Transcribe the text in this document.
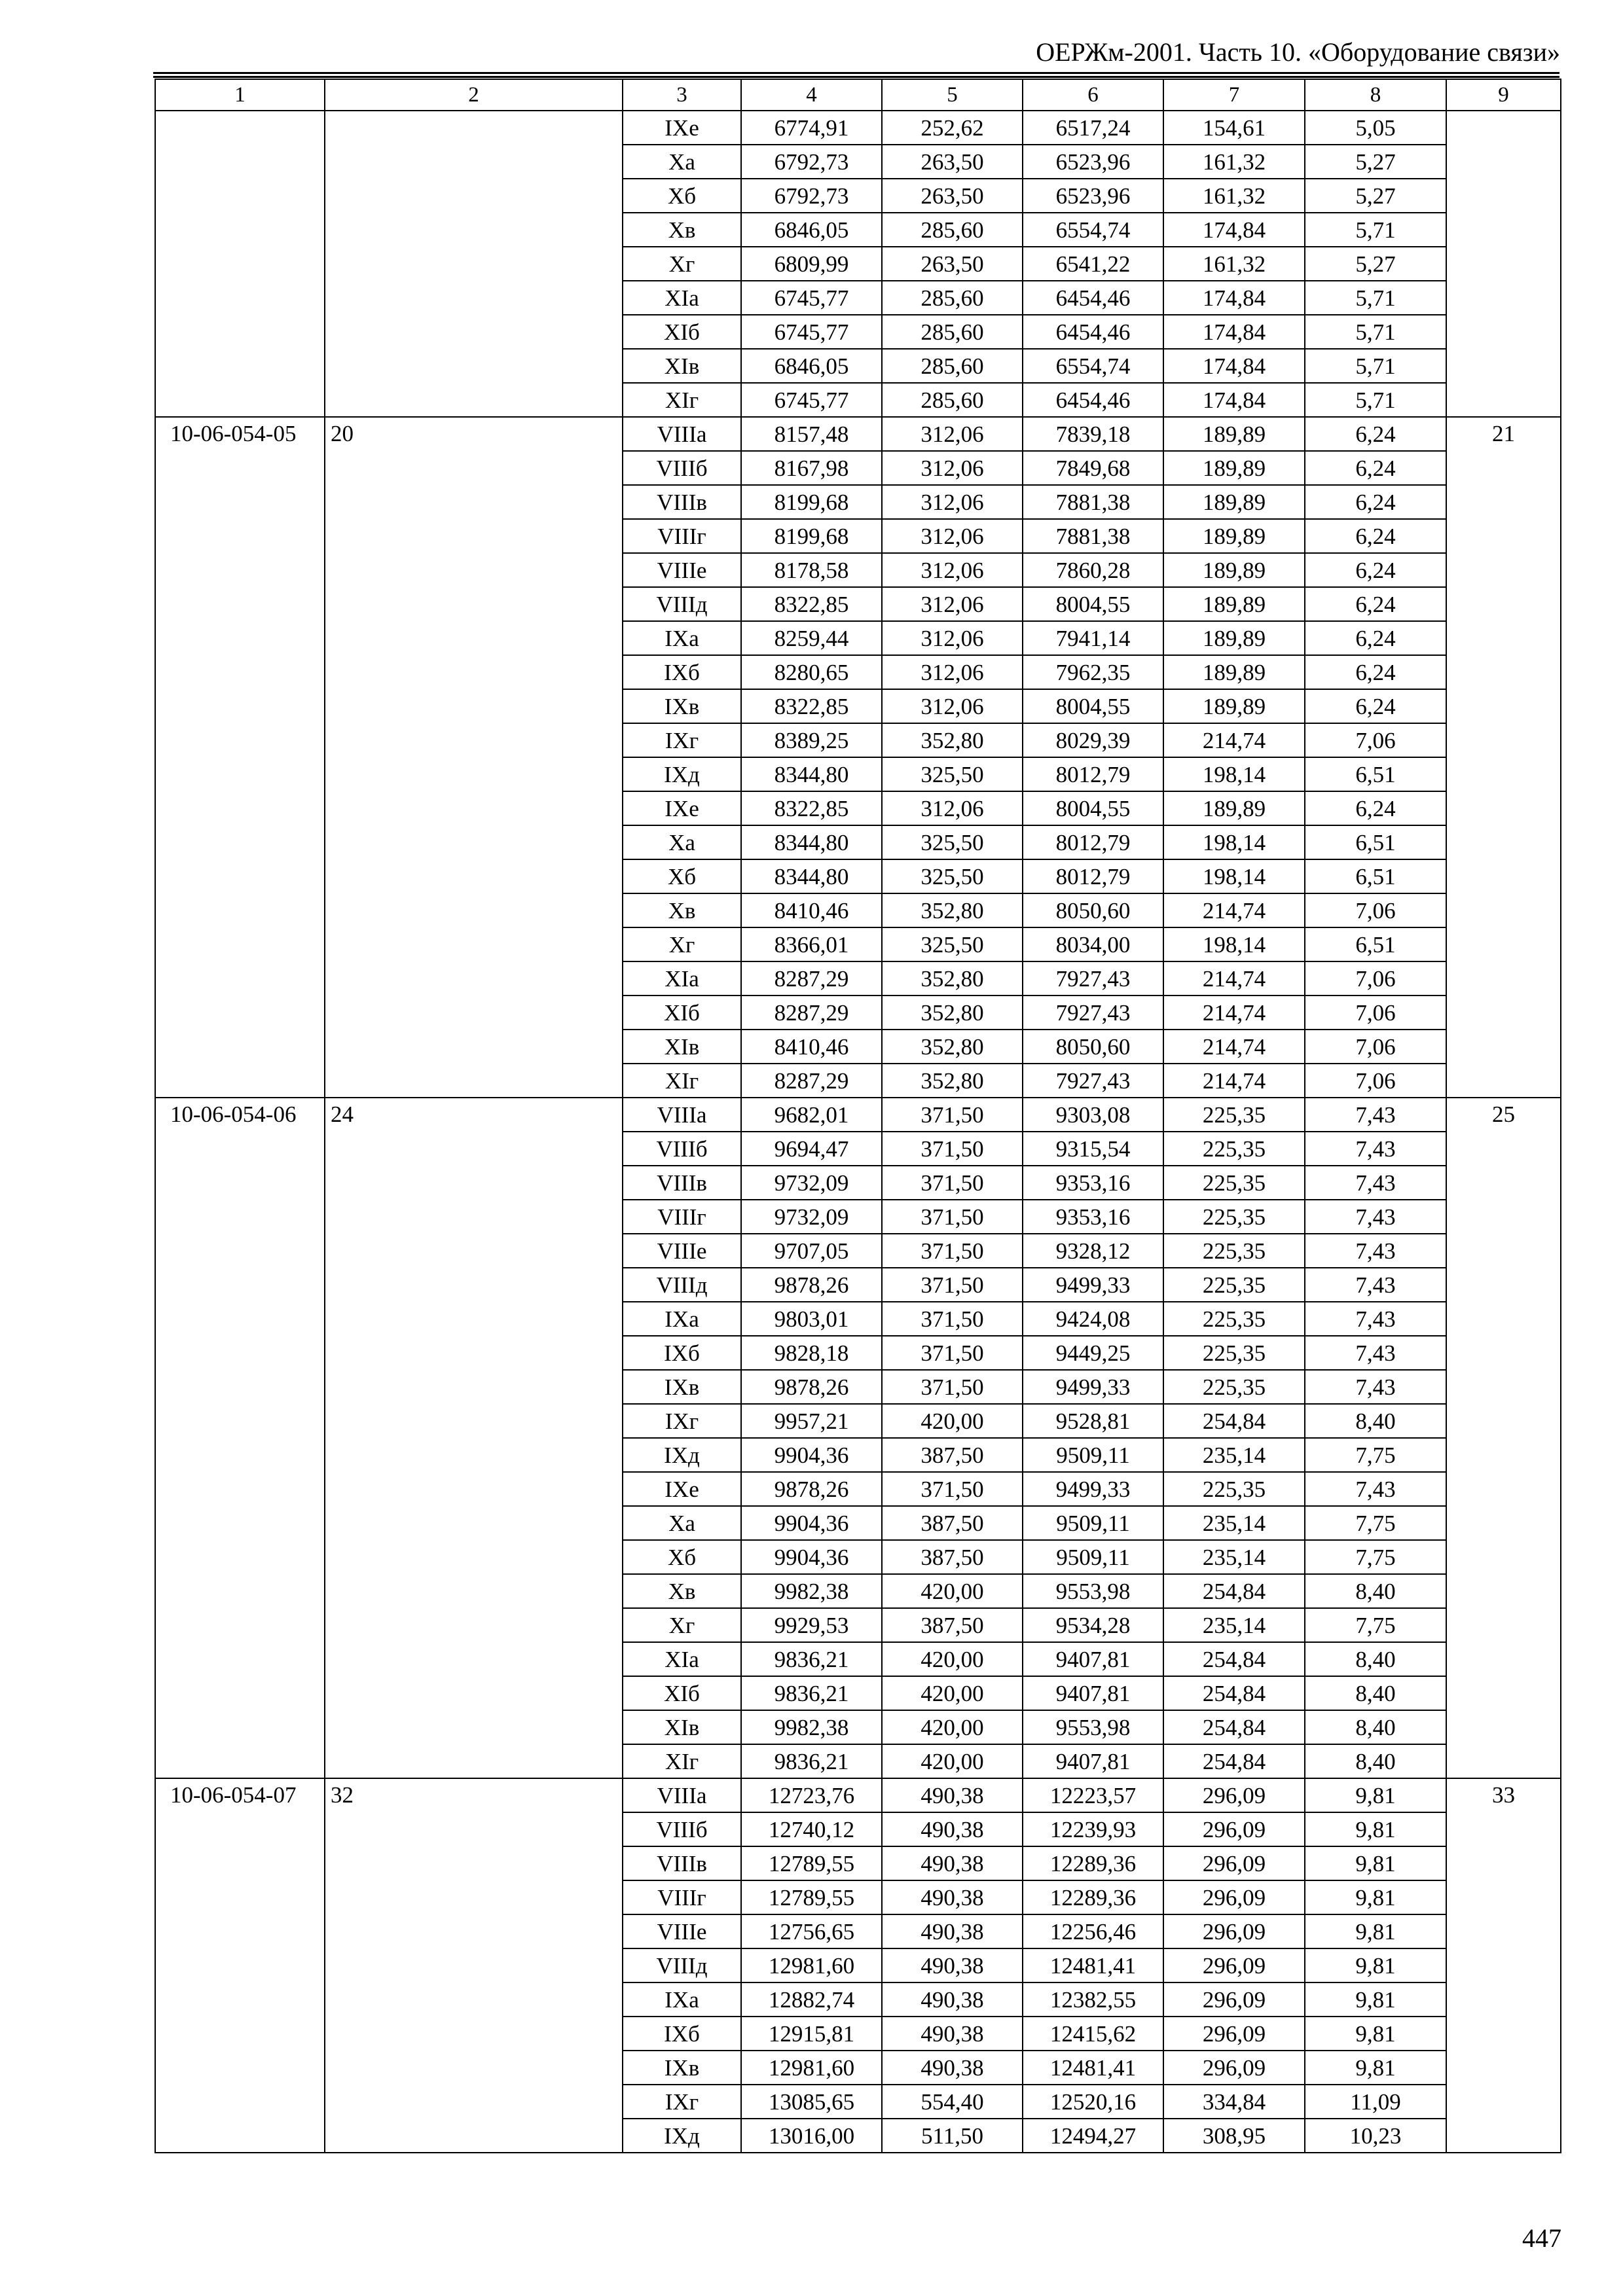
ОЕРЖм-2001. Часть 10. «Оборудование связи»
1	2	3	4	5	6	7	8	9
		IXe	6774,91	252,62	6517,24	154,61	5,05	
		Xa	6792,73	263,50	6523,96	161,32	5,27	
		Xб	6792,73	263,50	6523,96	161,32	5,27	
		Xв	6846,05	285,60	6554,74	174,84	5,71	
		Xг	6809,99	263,50	6541,22	161,32	5,27	
		XIa	6745,77	285,60	6454,46	174,84	5,71	
		XIб	6745,77	285,60	6454,46	174,84	5,71	
		XIв	6846,05	285,60	6554,74	174,84	5,71	
		XIг	6745,77	285,60	6454,46	174,84	5,71	
10-06-054-05	20	VIIIa	8157,48	312,06	7839,18	189,89	6,24	21
		VIIIб	8167,98	312,06	7849,68	189,89	6,24	
		VIIIв	8199,68	312,06	7881,38	189,89	6,24	
		VIIIг	8199,68	312,06	7881,38	189,89	6,24	
		VIIIe	8178,58	312,06	7860,28	189,89	6,24	
		VIIIд	8322,85	312,06	8004,55	189,89	6,24	
		IXa	8259,44	312,06	7941,14	189,89	6,24	
		IXб	8280,65	312,06	7962,35	189,89	6,24	
		IXв	8322,85	312,06	8004,55	189,89	6,24	
		IXг	8389,25	352,80	8029,39	214,74	7,06	
		IXд	8344,80	325,50	8012,79	198,14	6,51	
		IXe	8322,85	312,06	8004,55	189,89	6,24	
		Xa	8344,80	325,50	8012,79	198,14	6,51	
		Xб	8344,80	325,50	8012,79	198,14	6,51	
		Xв	8410,46	352,80	8050,60	214,74	7,06	
		Xг	8366,01	325,50	8034,00	198,14	6,51	
		XIa	8287,29	352,80	7927,43	214,74	7,06	
		XIб	8287,29	352,80	7927,43	214,74	7,06	
		XIв	8410,46	352,80	8050,60	214,74	7,06	
		XIг	8287,29	352,80	7927,43	214,74	7,06	
10-06-054-06	24	VIIIa	9682,01	371,50	9303,08	225,35	7,43	25
		VIIIб	9694,47	371,50	9315,54	225,35	7,43	
		VIIIв	9732,09	371,50	9353,16	225,35	7,43	
		VIIIг	9732,09	371,50	9353,16	225,35	7,43	
		VIIIe	9707,05	371,50	9328,12	225,35	7,43	
		VIIIд	9878,26	371,50	9499,33	225,35	7,43	
		IXa	9803,01	371,50	9424,08	225,35	7,43	
		IXб	9828,18	371,50	9449,25	225,35	7,43	
		IXв	9878,26	371,50	9499,33	225,35	7,43	
		IXг	9957,21	420,00	9528,81	254,84	8,40	
		IXд	9904,36	387,50	9509,11	235,14	7,75	
		IXe	9878,26	371,50	9499,33	225,35	7,43	
		Xa	9904,36	387,50	9509,11	235,14	7,75	
		Xб	9904,36	387,50	9509,11	235,14	7,75	
		Xв	9982,38	420,00	9553,98	254,84	8,40	
		Xг	9929,53	387,50	9534,28	235,14	7,75	
		XIa	9836,21	420,00	9407,81	254,84	8,40	
		XIб	9836,21	420,00	9407,81	254,84	8,40	
		XIв	9982,38	420,00	9553,98	254,84	8,40	
		XIг	9836,21	420,00	9407,81	254,84	8,40	
10-06-054-07	32	VIIIa	12723,76	490,38	12223,57	296,09	9,81	33
		VIIIб	12740,12	490,38	12239,93	296,09	9,81	
		VIIIв	12789,55	490,38	12289,36	296,09	9,81	
		VIIIг	12789,55	490,38	12289,36	296,09	9,81	
		VIIIe	12756,65	490,38	12256,46	296,09	9,81	
		VIIIд	12981,60	490,38	12481,41	296,09	9,81	
		IXa	12882,74	490,38	12382,55	296,09	9,81	
		IXб	12915,81	490,38	12415,62	296,09	9,81	
		IXв	12981,60	490,38	12481,41	296,09	9,81	
		IXг	13085,65	554,40	12520,16	334,84	11,09	
		IXд	13016,00	511,50	12494,27	308,95	10,23	
447
